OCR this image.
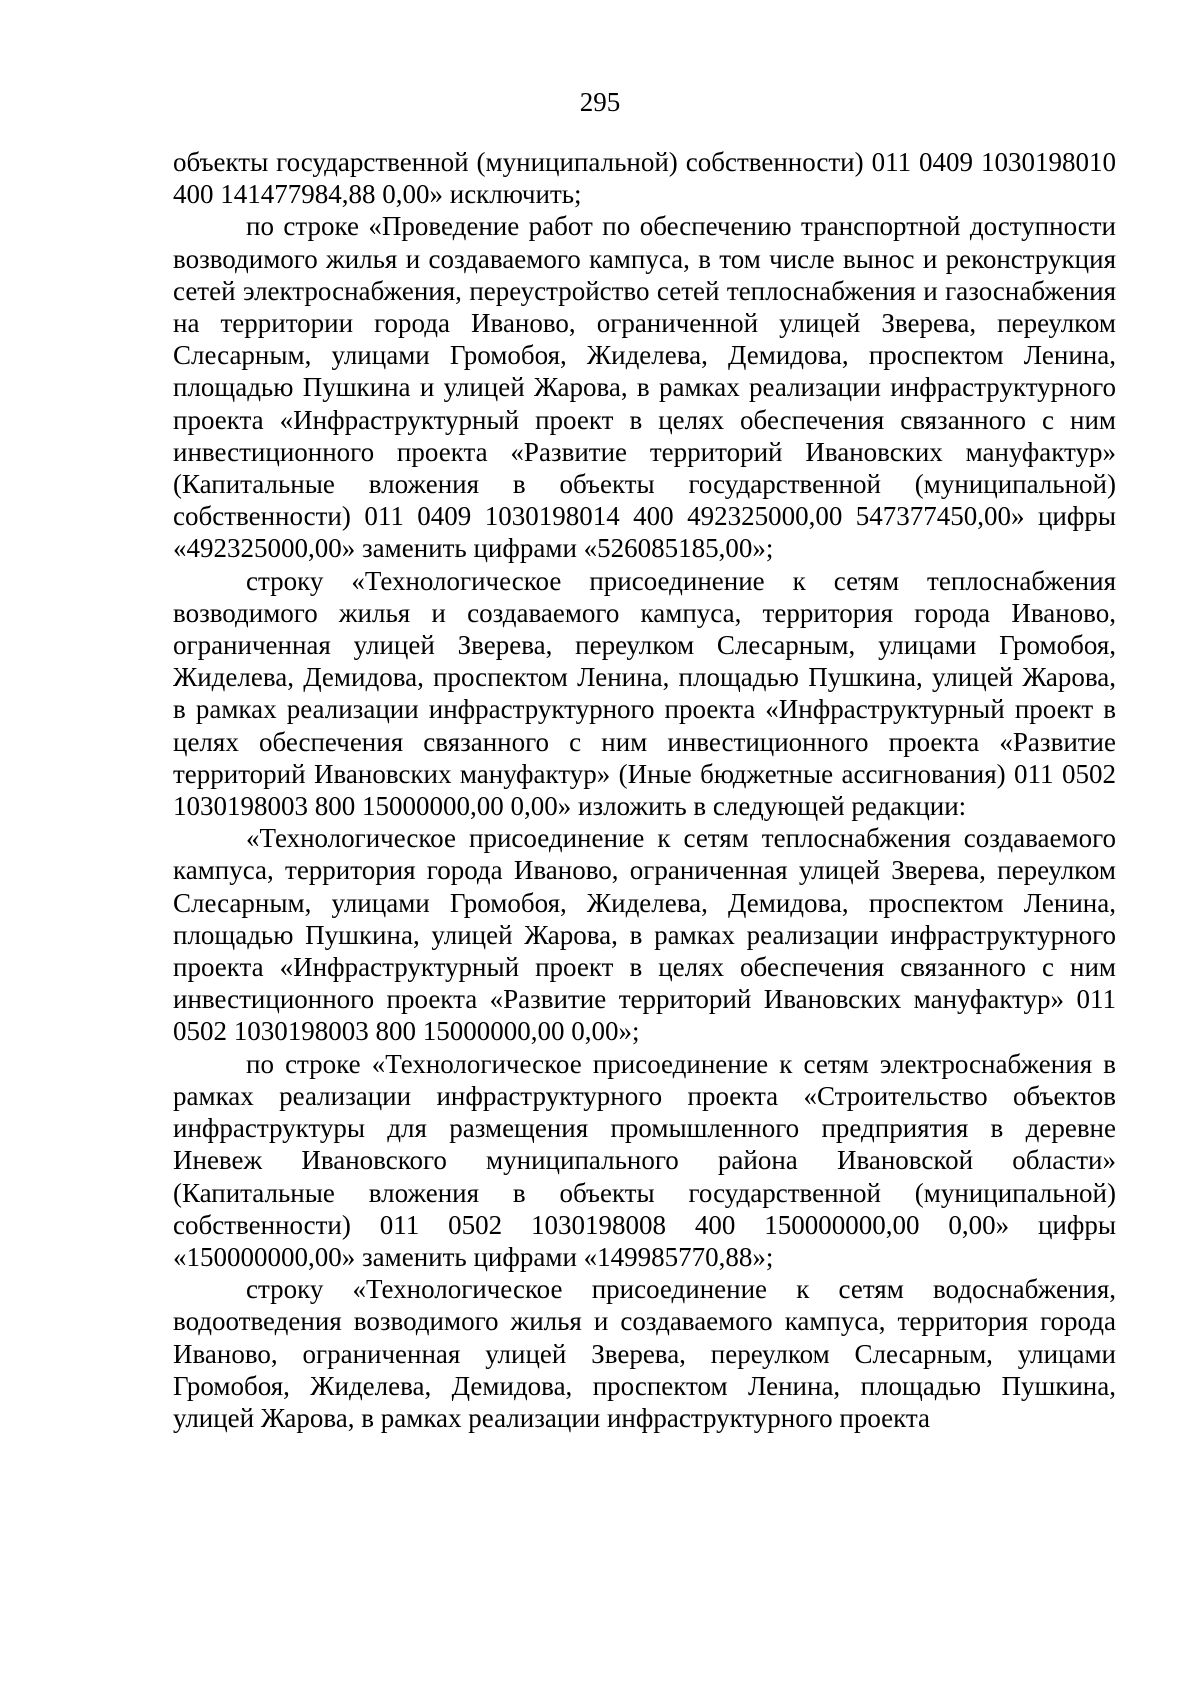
295

объекты государственной (муниципальной) собственности) 011 0409 1030198010 400 141477984,88 0,00» исключить;

по строке «Проведение работ по обеспечению транспортной доступности возводимого жилья и создаваемого кампуса, в том числе вынос и реконструкция сетей электроснабжения, переустройство сетей теплоснабжения и газоснабжения на территории города Иваново, ограниченной улицей Зверева, переулком Слесарным, улицами Громобоя, Жиделева, Демидова, проспектом Ленина, площадью Пушкина и улицей Жарова, в рамках реализации инфраструктурного проекта «Инфраструктурный проект в целях обеспечения связанного с ним инвестиционного проекта «Развитие территорий Ивановских мануфактур» (Капитальные вложения в объекты государственной (муниципальной) собственности) 011 0409 1030198014 400 492325000,00 547377450,00» цифры «492325000,00» заменить цифрами «526085185,00»;

строку «Технологическое присоединение к сетям теплоснабжения возводимого жилья и создаваемого кампуса, территория города Иваново, ограниченная улицей Зверева, переулком Слесарным, улицами Громобоя, Жиделева, Демидова, проспектом Ленина, площадью Пушкина, улицей Жарова, в рамках реализации инфраструктурного проекта «Инфраструктурный проект в целях обеспечения связанного с ним инвестиционного проекта «Развитие территорий Ивановских мануфактур» (Иные бюджетные ассигнования) 011 0502 1030198003 800 15000000,00 0,00» изложить в следующей редакции:

«Технологическое присоединение к сетям теплоснабжения создаваемого кампуса, территория города Иваново, ограниченная улицей Зверева, переулком Слесарным, улицами Громобоя, Жиделева, Демидова, проспектом Ленина, площадью Пушкина, улицей Жарова, в рамках реализации инфраструктурного проекта «Инфраструктурный проект в целях обеспечения связанного с ним инвестиционного проекта «Развитие территорий Ивановских мануфактур» 011 0502 1030198003 800 15000000,00 0,00»;

по строке «Технологическое присоединение к сетям электроснабжения в рамках реализации инфраструктурного проекта «Строительство объектов инфраструктуры для размещения промышленного предприятия в деревне Иневеж Ивановского муниципального района Ивановской области» (Капитальные вложения в объекты государственной (муниципальной) собственности) 011 0502 1030198008 400 150000000,00 0,00» цифры «150000000,00» заменить цифрами «149985770,88»;

строку «Технологическое присоединение к сетям водоснабжения, водоотведения возводимого жилья и создаваемого кампуса, территория города Иваново, ограниченная улицей Зверева, переулком Слесарным, улицами Громобоя, Жиделева, Демидова, проспектом Ленина, площадью Пушкина, улицей Жарова, в рамках реализации инфраструктурного проекта
